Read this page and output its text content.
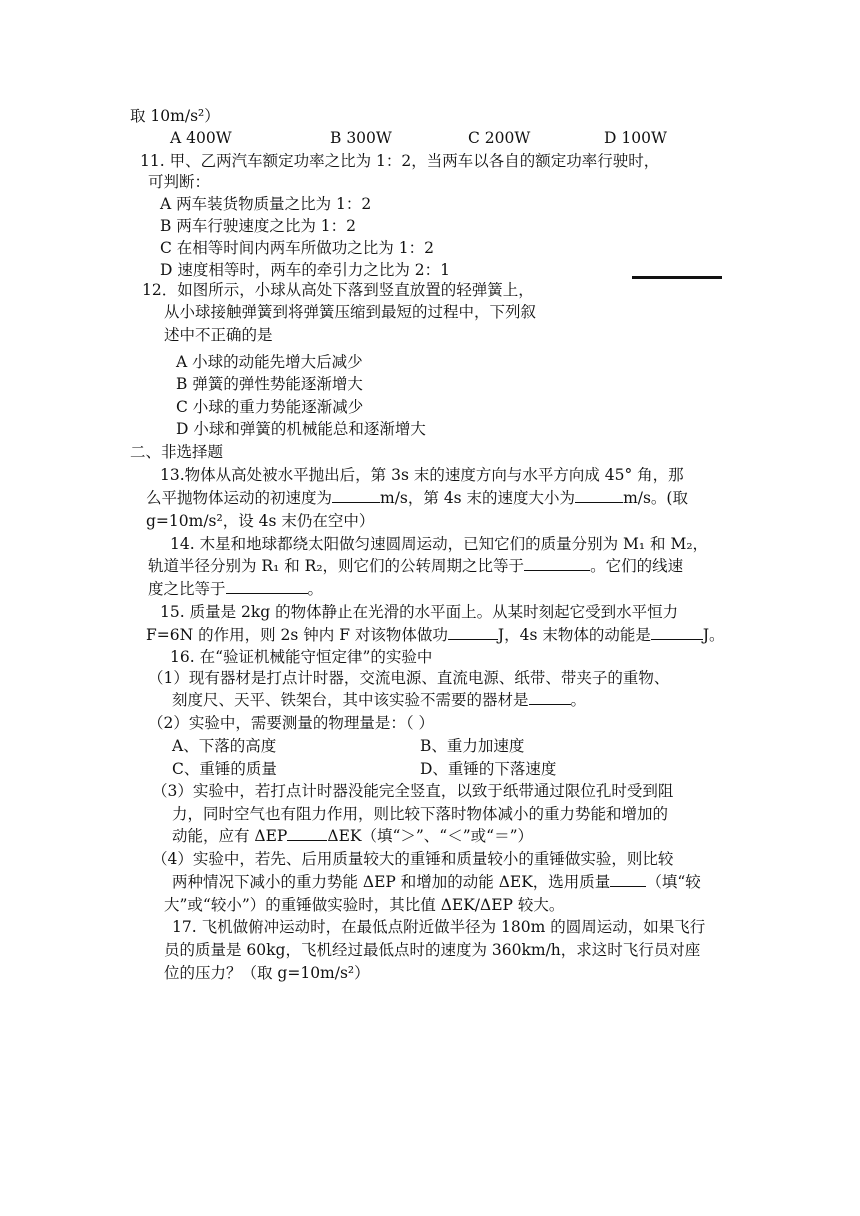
取 10m/s²）
A 400W	B 300W	C 200W	D 100W
11. 甲、乙两汽车额定功率之比为 1：2，当两车以各自的额定功率行驶时，
可判断：
A 两车装货物质量之比为 1：2
B 两车行驶速度之比为 1：2
C 在相等时间内两车所做功之比为 1：2
D 速度相等时，两车的牵引力之比为 2：1
12．如图所示，小球从高处下落到竖直放置的轻弹簧上，
从小球接触弹簧到将弹簧压缩到最短的过程中，下列叙
述中不正确的是
A 小球的动能先增大后减少
B 弹簧的弹性势能逐渐增大
C 小球的重力势能逐渐减少
D 小球和弹簧的机械能总和逐渐增大
二、非选择题
13.物体从高处被水平抛出后，第 3s 末的速度方向与水平方向成 45° 角，那
么平抛物体运动的初速度为	m/s，第 4s 末的速度大小为	m/s。(取
g=10m/s²，设 4s 末仍在空中）
14. 木星和地球都绕太阳做匀速圆周运动，已知它们的质量分别为 M₁ 和 M₂，
轨道半径分别为 R₁ 和 R₂，则它们的公转周期之比等于	。它们的线速
度之比等于	。
15. 质量是 2kg 的物体静止在光滑的水平面上。从某时刻起它受到水平恒力
F=6N 的作用，则 2s 钟内 F 对该物体做功	J，4s 末物体的动能是	J。
16. 在“验证机械能守恒定律”的实验中
（1）现有器材是打点计时器，交流电源、直流电源、纸带、带夹子的重物、
刻度尺、天平、铁架台，其中该实验不需要的器材是	。
（2）实验中，需要测量的物理量是：（ ）
A、下落的高度	B、重力加速度
C、重锤的质量	D、重锤的下落速度
（3）实验中，若打点计时器没能完全竖直，以致于纸带通过限位孔时受到阻
力，同时空气也有阻力作用，则比较下落时物体减小的重力势能和增加的
动能，应有 ΔEP	ΔEK（填“＞”、“＜”或“＝”）
（4）实验中，若先、后用质量较大的重锤和质量较小的重锤做实验，则比较
两种情况下减小的重力势能 ΔEP 和增加的动能 ΔEK，选用质量 （填“较
大”或“较小”）的重锤做实验时，其比值 ΔEK/ΔEP 较大。
17. 飞机做俯冲运动时，在最低点附近做半径为 180m 的圆周运动，如果飞行
员的质量是 60kg，飞机经过最低点时的速度为 360km/h，求这时飞行员对座
位的压力？（取 g=10m/s²）
